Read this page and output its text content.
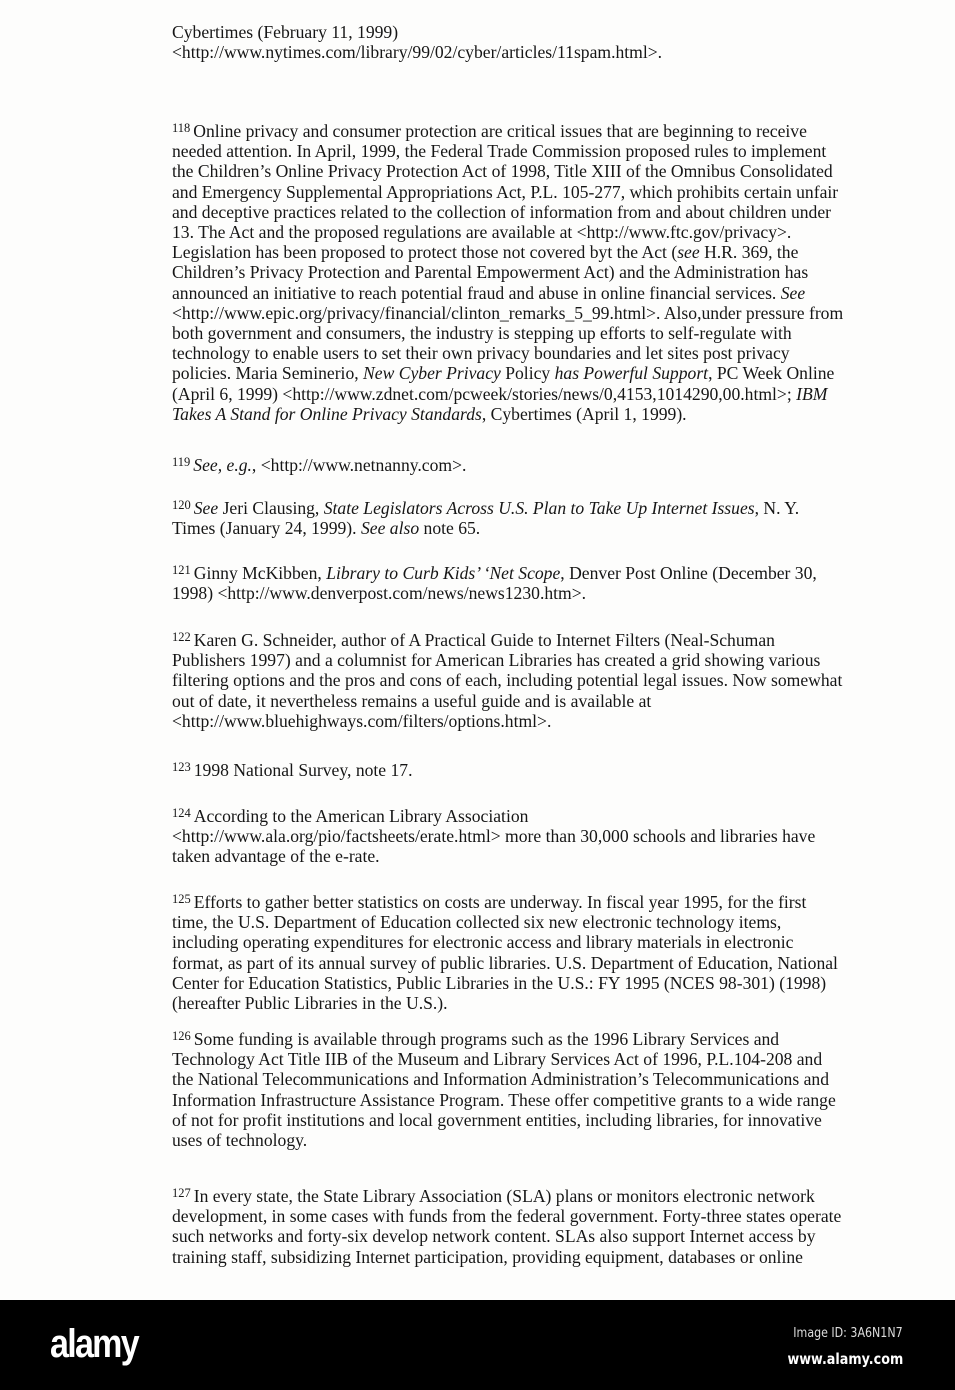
Cybertimes (February 11, 1999)
<http://www.nytimes.com/library/99/02/cyber/articles/11spam.html>.
$^{118}$ Online privacy and consumer protection are critical issues that are beginning to receive
needed attention. In April, 1999, the Federal Trade Commission proposed rules to implement
the Children’s Online Privacy Protection Act of 1998, Title XIII of the Omnibus Consolidated
and Emergency Supplemental Appropriations Act, P.L. 105-277, which prohibits certain unfair
and deceptive practices related to the collection of information from and about children under
13. The Act and the proposed regulations are available at <http://www.ftc.gov/privacy>.
Legislation has been proposed to protect those not covered byt the Act (see H.R. 369, the
Children’s Privacy Protection and Parental Empowerment Act) and the Administration has
announced an initiative to reach potential fraud and abuse in online financial services. See
<http://www.epic.org/privacy/financial/clinton_remarks_5_99.html>. Also,under pressure from
both government and consumers, the industry is stepping up efforts to self-regulate with
technology to enable users to set their own privacy boundaries and let sites post privacy
policies. Maria Seminerio, New Cyber Privacy Policy has Powerful Support, PC Week Online
(April 6, 1999) <http://www.zdnet.com/pcweek/stories/news/0,4153,1014290,00.html>; IBM
Takes A Stand for Online Privacy Standards, Cybertimes (April 1, 1999).
$^{119}$ See, e.g., <http://www.netnanny.com>.
$^{120}$ See Jeri Clausing, State Legislators Across U.S. Plan to Take Up Internet Issues, N. Y.
Times (January 24, 1999). See also note 65.
$^{121}$ Ginny McKibben, Library to Curb Kids’ ‘Net Scope, Denver Post Online (December 30,
1998) <http://www.denverpost.com/news/news1230.htm>.
$^{122}$ Karen G. Schneider, author of A Practical Guide to Internet Filters (Neal-Schuman
Publishers 1997) and a columnist for American Libraries has created a grid showing various
filtering options and the pros and cons of each, including potential legal issues. Now somewhat
out of date, it nevertheless remains a useful guide and is available at
<http://www.bluehighways.com/filters/options.html>.
$^{123}$ 1998 National Survey, note 17.
$^{124}$ According to the American Library Association
<http://www.ala.org/pio/factsheets/erate.html> more than 30,000 schools and libraries have
taken advantage of the e-rate.
$^{125}$ Efforts to gather better statistics on costs are underway. In fiscal year 1995, for the first
time, the U.S. Department of Education collected six new electronic technology items,
including operating expenditures for electronic access and library materials in electronic
format, as part of its annual survey of public libraries. U.S. Department of Education, National
Center for Education Statistics, Public Libraries in the U.S.: FY 1995 (NCES 98-301) (1998)
(hereafter Public Libraries in the U.S.).
$^{126}$ Some funding is available through programs such as the 1996 Library Services and
Technology Act Title IIB of the Museum and Library Services Act of 1996, P.L.104-208 and
the National Telecommunications and Information Administration’s Telecommunications and
Information Infrastructure Assistance Program. These offer competitive grants to a wide range
of not for profit institutions and local government entities, including libraries, for innovative
uses of technology.
$^{127}$ In every state, the State Library Association (SLA) plans or monitors electronic network
development, in some cases with funds from the federal government. Forty-three states operate
such networks and forty-six develop network content. SLAs also support Internet access by
training staff, subsidizing Internet participation, providing equipment, databases or online
alamy	Image ID: 3A6N1N7
www.alamy.com
